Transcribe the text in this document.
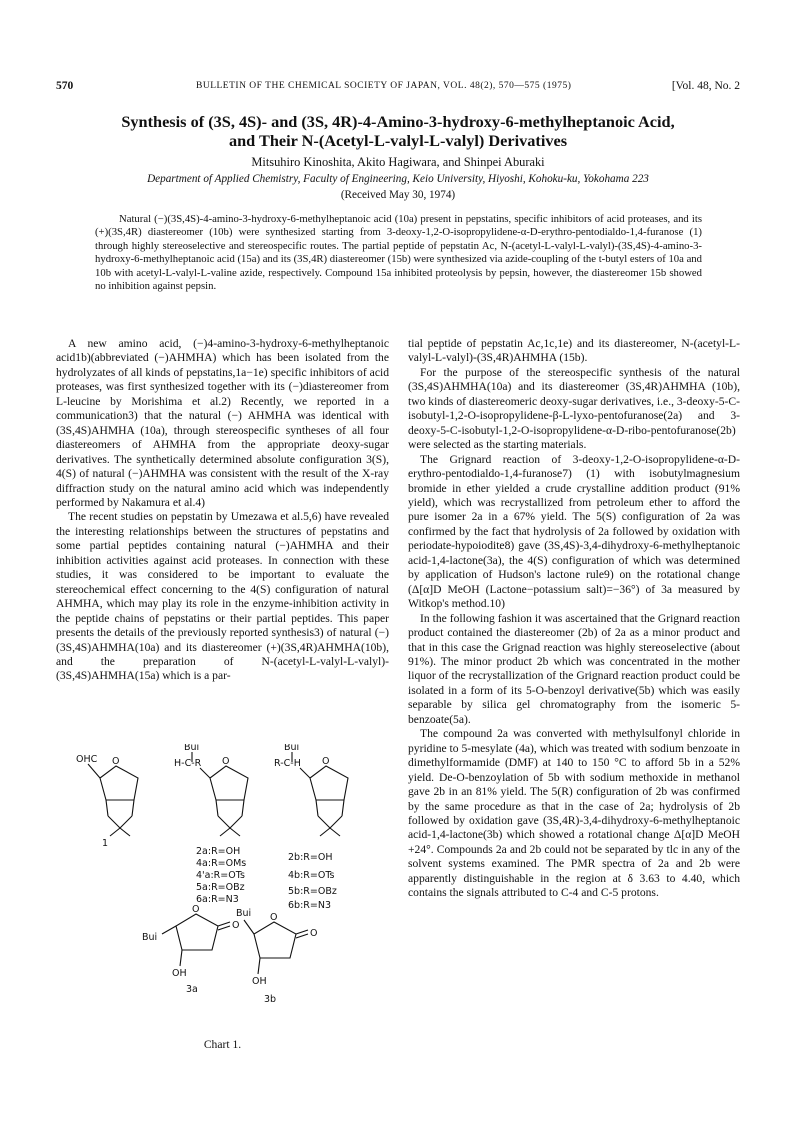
570	BULLETIN OF THE CHEMICAL SOCIETY OF JAPAN, VOL. 48(2), 570—575 (1975)	[Vol. 48, No. 2
Synthesis of (3S, 4S)- and (3S, 4R)-4-Amino-3-hydroxy-6-methylheptanoic Acid,
and Their N-(Acetyl-L-valyl-L-valyl) Derivatives
Mitsuhiro Kinoshita, Akito Hagiwara, and Shinpei Aburaki
Department of Applied Chemistry, Faculty of Engineering, Keio University, Hiyoshi, Kohoku-ku, Yokohama 223
(Received May 30, 1974)
Natural (−)(3S,4S)-4-amino-3-hydroxy-6-methylheptanoic acid (10a) present in pepstatins, specific inhibitors of acid proteases, and its (+)(3S,4R) diastereomer (10b) were synthesized starting from 3-deoxy-1,2-O-isopropylidene-α-D-erythro-pentodialdo-1,4-furanose (1) through highly stereoselective and stereospecific routes. The partial peptide of pepstatin Ac, N-(acetyl-L-valyl-L-valyl)-(3S,4S)-4-amino-3-hydroxy-6-methylheptanoic acid (15a) and its (3S,4R) diastereomer (15b) were synthesized via azide-coupling of the t-butyl esters of 10a and 10b with acetyl-L-valyl-L-valine azide, respectively. Compound 15a inhibited proteolysis by pepsin, however, the diastereomer 15b showed no inhibition against pepsin.

A new amino acid, (−)4-amino-3-hydroxy-6-methylheptanoic acid1b)(abbreviated (−)AHMHA) which has been isolated from the hydrolyzates of all kinds of pepstatins,1a−1e) specific inhibitors of acid proteases, was first synthesized together with its (−)diastereomer from L-leucine by Morishima et al.2) Recently, we reported in a communication3) that the natural (−) AHMHA was identical with (3S,4S)AHMHA (10a), through stereospecific syntheses of all four diastereomers of AHMHA from the appropriate deoxy-sugar derivatives. The synthetically determined absolute configuration 3(S), 4(S) of natural (−)AHMHA was consistent with the result of the X-ray diffraction study on the natural amino acid which was independently performed by Nakamura et al.4)

The recent studies on pepstatin by Umezawa et al.5,6) have revealed the interesting relationships between the structures of pepstatins and some partial peptides containing natural (−)AHMHA and their inhibition activities against acid proteases. In connection with these studies, it was considered to be important to evaluate the stereochemical effect concerning to the 4(S) configuration of natural AHMHA, which may play its role in the enzyme-inhibition activity in the peptide chains of pepstatins or their partial peptides. This paper presents the details of the previously reported synthesis3) of natural (−)(3S,4S)AHMHA(10a) and its diastereomer (+)(3S,4R)AHMHA(10b), and the preparation of N-(acetyl-L-valyl-L-valyl)-(3S,4S)AHMHA(15a) which is a par-

OHC O
1
Bui
H-C-R O
Bui
R-C-H O
O
O
Bui
OH
3a
Bui O
O
OH
3b
2a:R=OH
4a:R=OMs
4'a:R=OTs
5a:R=OBz
6a:R=N3
2b:R=OH
4b:R=OTs
5b:R=OBz
6b:R=N3
Chart 1.

tial peptide of pepstatin Ac,1c,1e) and its diastereomer, N-(acetyl-L-valyl-L-valyl)-(3S,4R)AHMHA (15b).

For the purpose of the stereospecific synthesis of the natural (3S,4S)AHMHA(10a) and its diastereomer (3S,4R)AHMHA (10b), two kinds of diastereomeric deoxy-sugar derivatives, i.e., 3-deoxy-5-C-isobutyl-1,2-O-isopropylidene-β-L-lyxo-pentofuranose(2a) and 3-deoxy-5-C-isobutyl-1,2-O-isopropylidene-α-D-ribo-pentofuranose(2b) were selected as the starting materials.

The Grignard reaction of 3-deoxy-1,2-O-isopropylidene-α-D-erythro-pentodialdo-1,4-furanose7) (1) with isobutylmagnesium bromide in ether yielded a crude crystalline addition product (91% yield), which was recrystallized from petroleum ether to afford the pure isomer 2a in a 67% yield. The 5(S) configuration of 2a was confirmed by the fact that hydrolysis of 2a followed by oxidation with periodate-hypoiodite8) gave (3S,4S)-3,4-dihydroxy-6-methylheptanoic acid-1,4-lactone(3a), the 4(S) configuration of which was determined by application of Hudson's lactone rule9) on the rotational change (Δ[α]D MeOH (Lactone−potassium salt)=−36°) of 3a measured by Witkop's method.10)

In the following fashion it was ascertained that the Grignard reaction product contained the diastereomer (2b) of 2a as a minor product and that in this case the Grignad reaction was highly stereoselective (about 91%). The minor product 2b which was concentrated in the mother liquor of the recrystallization of the Grignard reaction product could be isolated in a form of its 5-O-benzoyl derivative(5b) which was easily separable by silica gel chromatography from the isomeric 5-benzoate(5a).

The compound 2a was converted with methylsulfonyl chloride in pyridine to 5-mesylate (4a), which was treated with sodium benzoate in dimethylformamide (DMF) at 140 to 150 °C to afford 5b in a 52% yield. De-O-benzoylation of 5b with sodium methoxide in methanol gave 2b in an 81% yield. The 5(R) configuration of 2b was confirmed by the same procedure as that in the case of 2a; hydrolysis of 2b followed by oxidation gave (3S,4R)-3,4-dihydroxy-6-methylheptanoic acid-1,4-lactone(3b) which showed a rotational change Δ[α]D MeOH +24°. Compounds 2a and 2b could not be separated by tlc in any of the solvent systems examined. The PMR spectra of 2a and 2b were apparently distinguishable in the region at δ 3.63 to 4.40, which contains the signals attributed to C-4 and C-5 protons.
